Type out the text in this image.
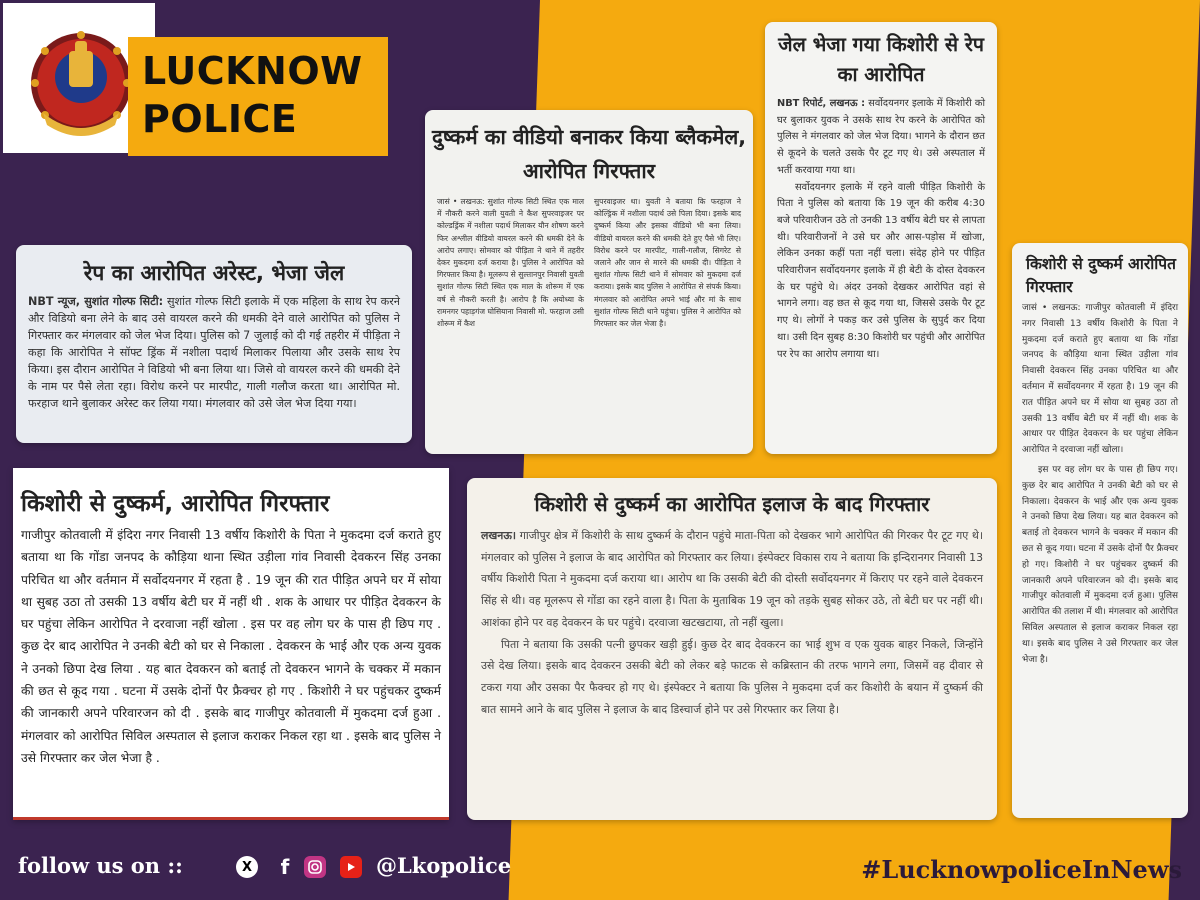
LUCKNOW
POLICE
रेप का आरोपित अरेस्ट, भेजा जेल
NBT न्यूज, सुशांत गोल्फ सिटी: सुशांत गोल्फ सिटी इलाके में एक महिला के साथ रेप करने और विडियो बना लेने के बाद उसे वायरल करने की धमकी देने वाले आरोपित को पुलिस ने गिरफ्तार कर मंगलवार को जेल भेज दिया। पुलिस को 7 जुलाई को दी गई तहरीर में पीड़िता ने कहा कि आरोपित ने सॉफ्ट ड्रिंक में नशीला पदार्थ मिलाकर पिलाया और उसके साथ रेप किया। इस दौरान आरोपित ने विडियो भी बना लिया था। जिसे वो वायरल करने की धमकी देने के नाम पर पैसे लेता रहा। विरोध करने पर मारपीट, गाली गलौज करता था। आरोपित मो. फरहाज थाने बुलाकर अरेस्ट कर लिया गया। मंगलवार को उसे जेल भेज दिया गया।
दुष्कर्म का वीडियो बनाकर किया ब्लैकमेल, आरोपित गिरफ्तार
जासं • लखनऊ: सुशांत गोल्फ सिटी स्थित एक माल में नौकरी करने वाली युवती ने कैश सुपरवाइजर पर कोल्डड्रिंक में नशीला पदार्थ मिलाकर यौन शोषण करने फिर अश्लील वीडियो वायरल करने की धमकी देने के आरोप लगाए। सोमवार को पीड़िता ने थाने में तहरीर देकर मुकदमा दर्ज कराया है। पुलिस ने आरोपित को गिरफ्तार किया है। मूलरूप से सुल्तानपुर निवासी युवती सुशांत गोल्फ सिटी स्थित एक माल के शोरूम में एक वर्ष से नौकरी करती है। आरोप है कि अयोध्या के रामनगर पहाड़गंज घोसियाना निवासी मो. फरहाज उसी शोरूम में कैश
सुपरवाइजर था। युवती ने बताया कि फरहाज ने कोल्ड्रिंक में नशीला पदार्थ उसे पिला दिया। इसके बाद दुष्कर्म किया और इसका वीडियो भी बना लिया। वीडियो वायरल करने की धमकी देते हुए पैसे भी लिए। विरोध करने पर मारपीट, गाली-गलौज, सिगरेट से जलाने और जान से मारने की धमकी दी। पीड़िता ने सुशांत गोल्फ सिटी थाने में सोमवार को मुकदमा दर्ज कराया। इसके बाद पुलिस ने आरोपित से संपर्क किया। मंगलवार को आरोपित अपने भाई और मां के साथ सुशांत गोल्फ सिटी थाने पहुंचा। पुलिस ने आरोपित को गिरफ्तार कर जेल भेजा है।
जेल भेजा गया किशोरी से रेप का आरोपित
NBT रिपोर्ट, लखनऊ : सर्वोदयनगर इलाके में किशोरी को घर बुलाकर युवक ने उसके साथ रेप करने के आरोपित को पुलिस ने मंगलवार को जेल भेज दिया। भागने के दौरान छत से कूदने के चलते उसके पैर टूट गए थे। उसे अस्पताल में भर्ती करवाया गया था।
सर्वोदयनगर इलाके में रहने वाली पीड़ित किशोरी के पिता ने पुलिस को बताया कि 19 जून की करीब 4:30 बजे परिवारीजन उठे तो उनकी 13 वर्षीय बेटी घर से लापता थी। परिवारीजनों ने उसे घर और आस-पड़ोस में खोजा, लेकिन उनका कहीं पता नहीं चला। संदेह होने पर पीड़ित परिवारीजन सर्वोदयनगर इलाके में ही बेटी के दोस्त देवकरन के घर पहुंचे थे। अंदर उनको देखकर आरोपित वहां से भागने लगा। वह छत से कूद गया था, जिससे उसके पैर टूट गए थे। लोगों ने पकड़ कर उसे पुलिस के सुपुर्द कर दिया था। उसी दिन सुबह 8:30 किशोरी घर पहुंची और आरोपित पर रेप का आरोप लगाया था।
किशोरी से दुष्कर्म आरोपित गिरफ्तार
जासं • लखनऊ: गाजीपुर कोतवाली में इंदिरा नगर निवासी 13 वर्षीय किशोरी के पिता ने मुकदमा दर्ज कराते हुए बताया था कि गोंडा जनपद के कौड़िया थाना स्थित उड़ीला गांव निवासी देवकरन सिंह उनका परिचित था और वर्तमान में सर्वोदयनगर में रहता है। 19 जून की रात पीड़ित अपने घर में सोया था सुबह उठा तो उसकी 13 वर्षीय बेटी घर में नहीं थी। शक के आधार पर पीड़ित देवकरन के घर पहुंचा लेकिन आरोपित ने दरवाजा नहीं खोला।
इस पर वह लोग घर के पास ही छिप गए। कुछ देर बाद आरोपित ने उनकी बेटी को घर से निकाला। देवकरन के भाई और एक अन्य युवक ने उनको छिपा देख लिया। यह बात देवकरन को बताई तो देवकरन भागने के चक्कर में मकान की छत से कूद गया। घटना में उसके दोनों पैर फ्रैक्चर हो गए। किशोरी ने घर पहुंचकर दुष्कर्म की जानकारी अपने परिवारजन को दी। इसके बाद गाजीपुर कोतवाली में मुकदमा दर्ज हुआ। पुलिस आरोपित की तलाश में थी। मंगलवार को आरोपित सिविल अस्पताल से इलाज कराकर निकल रहा था। इसके बाद पुलिस ने उसे गिरफ्तार कर जेल भेजा है।
किशोरी से दुष्कर्म, आरोपित गिरफ्तार
गाजीपुर कोतवाली में इंदिरा नगर निवासी 13 वर्षीय किशोरी के पिता ने मुकदमा दर्ज कराते हुए बताया था कि गोंडा जनपद के कौड़िया थाना स्थित उड़ीला गांव निवासी देवकरन सिंह उनका परिचित था और वर्तमान में सर्वोदयनगर में रहता है . 19 जून की रात पीड़ित अपने घर में सोया था सुबह उठा तो उसकी 13 वर्षीय बेटी घर में नहीं थी . शक के आधार पर पीड़ित देवकरन के घर पहुंचा लेकिन आरोपित ने दरवाजा नहीं खोला . इस पर वह लोग घर के पास ही छिप गए . कुछ देर बाद आरोपित ने उनकी बेटी को घर से निकाला . देवकरन के भाई और एक अन्य युवक ने उनको छिपा देख लिया . यह बात देवकरन को बताई तो देवकरन भागने के चक्कर में मकान की छत से कूद गया . घटना में उसके दोनों पैर फ्रैक्चर हो गए . किशोरी ने घर पहुंचकर दुष्कर्म की जानकारी अपने परिवारजन को दी . इसके बाद गाजीपुर कोतवाली में मुकदमा दर्ज हुआ . मंगलवार को आरोपित सिविल अस्पताल से इलाज कराकर निकल रहा था . इसके बाद पुलिस ने उसे गिरफ्तार कर जेल भेजा है .
किशोरी से दुष्कर्म का आरोपित इलाज के बाद गिरफ्तार

लखनऊ। गाजीपुर क्षेत्र में किशोरी के साथ दुष्कर्म के दौरान पहुंचे माता-पिता को देखकर भागे आरोपित की गिरकर पैर टूट गए थे। मंगलवार को पुलिस ने इलाज के बाद आरोपित को गिरफ्तार कर लिया। इंस्पेक्टर विकास राय ने बताया कि इन्दिरानगर निवासी 13 वर्षीय किशोरी पिता ने मुकदमा दर्ज कराया था। आरोप था कि उसकी बेटी की दोस्ती सर्वोदयनगर में किराए पर रहने वाले देवकरन सिंह से थी। वह मूलरूप से गोंडा का रहने वाला है। पिता के मुताबिक 19 जून को तड़के सुबह सोकर उठे, तो बेटी घर पर नहीं थी। आशंका होने पर वह देवकरन के घर पहुंचे। दरवाजा खटखटाया, तो नहीं खुला।

पिता ने बताया कि उसकी पत्नी छुपकर खड़ी हुई। कुछ देर बाद देवकरन का भाई शुभ व एक युवक बाहर निकले, जिन्होंने उसे देख लिया। इसके बाद देवकरन उसकी बेटी को लेकर बड़े फाटक से कब्रिस्तान की तरफ भागने लगा, जिसमें वह दीवार से टकरा गया और उसका पैर फैक्चर हो गए थे। इंस्पेक्टर ने बताया कि पुलिस ने मुकदमा दर्ज कर किशोरी के बयान में दुष्कर्म की बात सामने आने के बाद पुलिस ने इलाज के बाद डिस्चार्ज होने पर उसे गिरफ्तार कर लिया है।

follow us on ::	X	f	@Lkopolice	#LucknowpoliceInNews
